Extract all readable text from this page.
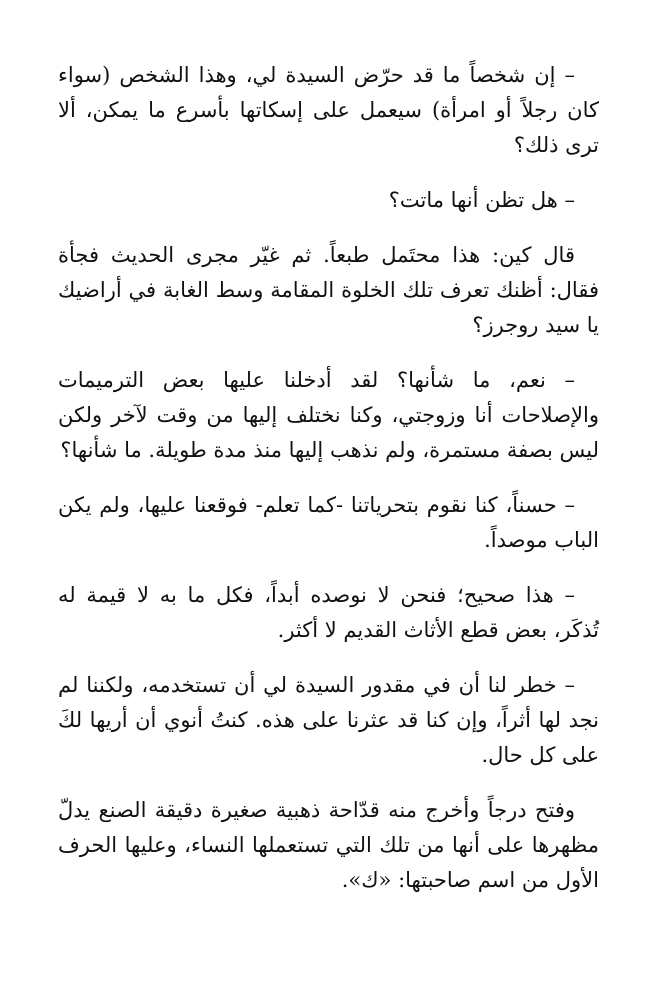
– إن شخصاً ما قد حرّض السيدة لي، وهذا الشخص (سواء كان رجلاً أو امرأة) سيعمل على إسكاتها بأسرع ما يمكن، ألا ترى ذلك؟

– هل تظن أنها ماتت؟

قال كين: هذا محتَمل طبعاً. ثم غيّر مجرى الحديث فجأة فقال: أظنك تعرف تلك الخلوة المقامة وسط الغابة في أراضيك يا سيد روجرز؟

– نعم، ما شأنها؟ لقد أدخلنا عليها بعض الترميمات والإصلاحات أنا وزوجتي، وكنا نختلف إليها من وقت لآخر ولكن ليس بصفة مستمرة، ولم نذهب إليها منذ مدة طويلة. ما شأنها؟

– حسناً، كنا نقوم بتحرياتنا -كما تعلم- فوقعنا عليها، ولم يكن الباب موصداً.

– هذا صحيح؛ فنحن لا نوصده أبداً، فكل ما به لا قيمة له تُذكَر، بعض قطع الأثاث القديم لا أكثر.

– خطر لنا أن في مقدور السيدة لي أن تستخدمه، ولكننا لم نجد لها أثراً، وإن كنا قد عثرنا على هذه. كنتُ أنوي أن أريها لكَ على كل حال.

وفتح درجاً وأخرج منه قدّاحة ذهبية صغيرة دقيقة الصنع يدلّ مظهرها على أنها من تلك التي تستعملها النساء، وعليها الحرف الأول من اسم صاحبتها: «ك».
